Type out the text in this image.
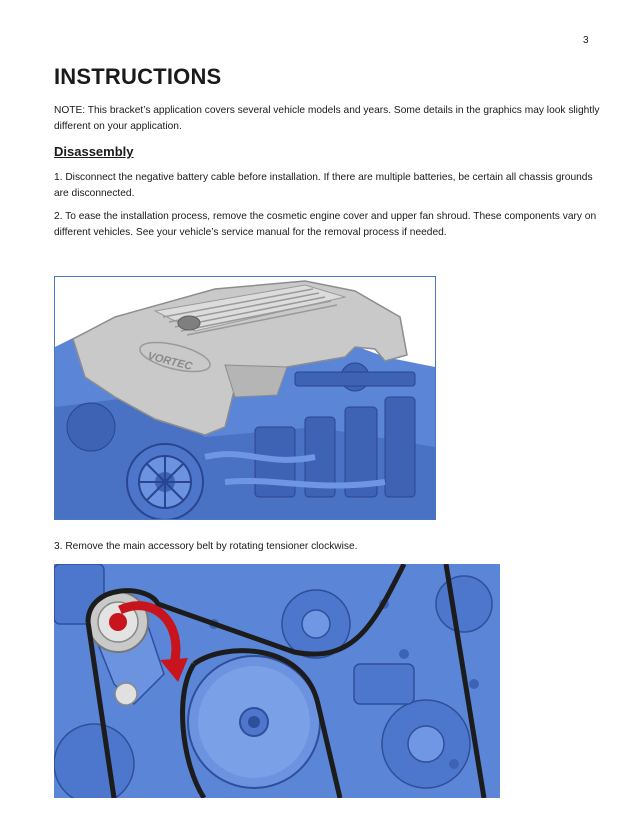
3
INSTRUCTIONS

NOTE: This bracket’s application covers several vehicle models and years. Some details in the graphics may look slightly different on your application.

Disassembly

1. Disconnect the negative battery cable before installation. If there are multiple batteries, be certain all chassis grounds are disconnected.

2. To ease the installation process, remove the cosmetic engine cover and upper fan shroud. These components vary on different vehicles. See your vehicle’s service manual for the removal process if needed.

VORTEC

3. Remove the main accessory belt by rotating tensioner clockwise.
